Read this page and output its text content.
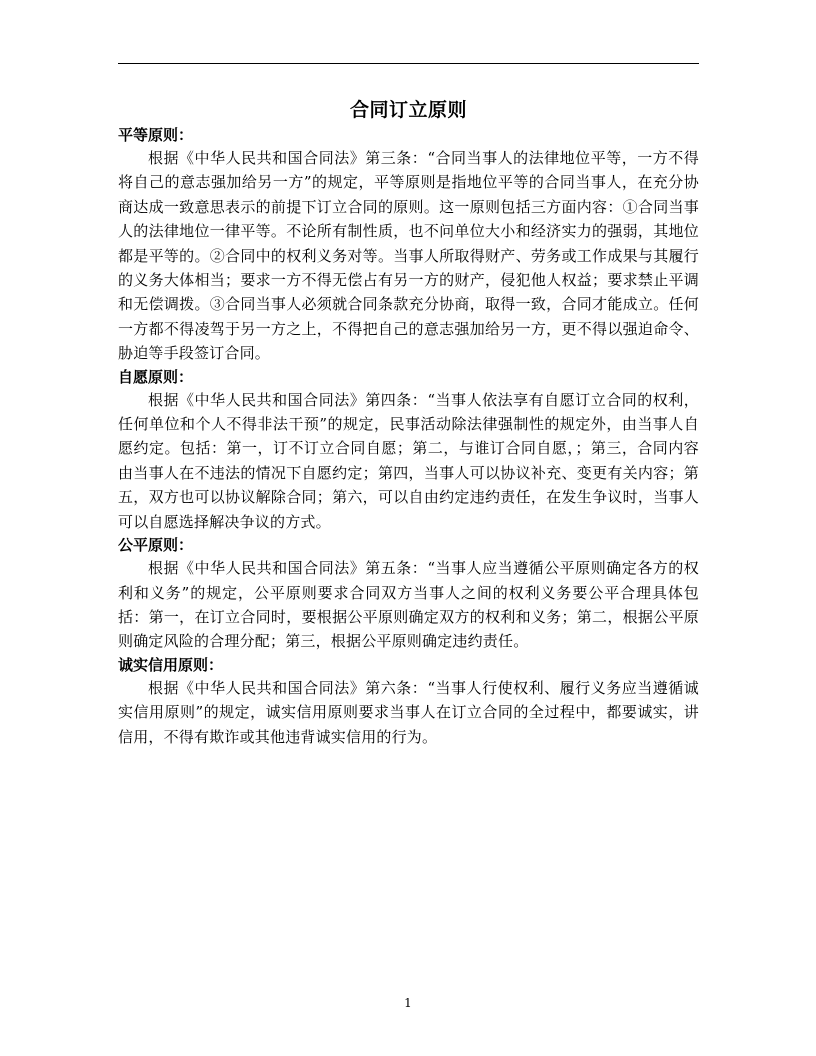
合同订立原则

平等原则：

根据《中华人民共和国合同法》第三条：“合同当事人的法律地位平等，一方不得将自己的意志强加给另一方”的规定，平等原则是指地位平等的合同当事人，在充分协商达成一致意思表示的前提下订立合同的原则。这一原则包括三方面内容：①合同当事人的法律地位一律平等。不论所有制性质，也不问单位大小和经济实力的强弱，其地位都是平等的。②合同中的权利义务对等。当事人所取得财产、劳务或工作成果与其履行的义务大体相当；要求一方不得无偿占有另一方的财产，侵犯他人权益；要求禁止平调和无偿调拨。③合同当事人必须就合同条款充分协商，取得一致，合同才能成立。任何一方都不得凌驾于另一方之上，不得把自己的意志强加给另一方，更不得以强迫命令、胁迫等手段签订合同。

自愿原则：

根据《中华人民共和国合同法》第四条：“当事人依法享有自愿订立合同的权利，任何单位和个人不得非法干预”的规定，民事活动除法律强制性的规定外，由当事人自愿约定。包括：第一，订不订立合同自愿；第二，与谁订合同自愿，；第三，合同内容由当事人在不违法的情况下自愿约定；第四，当事人可以协议补充、变更有关内容；第五，双方也可以协议解除合同；第六，可以自由约定违约责任，在发生争议时，当事人可以自愿选择解决争议的方式。

公平原则：

根据《中华人民共和国合同法》第五条：“当事人应当遵循公平原则确定各方的权利和义务”的规定，公平原则要求合同双方当事人之间的权利义务要公平合理具体包括：第一，在订立合同时，要根据公平原则确定双方的权利和义务；第二，根据公平原则确定风险的合理分配；第三，根据公平原则确定违约责任。

诚实信用原则：

根据《中华人民共和国合同法》第六条：“当事人行使权利、履行义务应当遵循诚实信用原则”的规定，诚实信用原则要求当事人在订立合同的全过程中，都要诚实，讲信用，不得有欺诈或其他违背诚实信用的行为。

1
